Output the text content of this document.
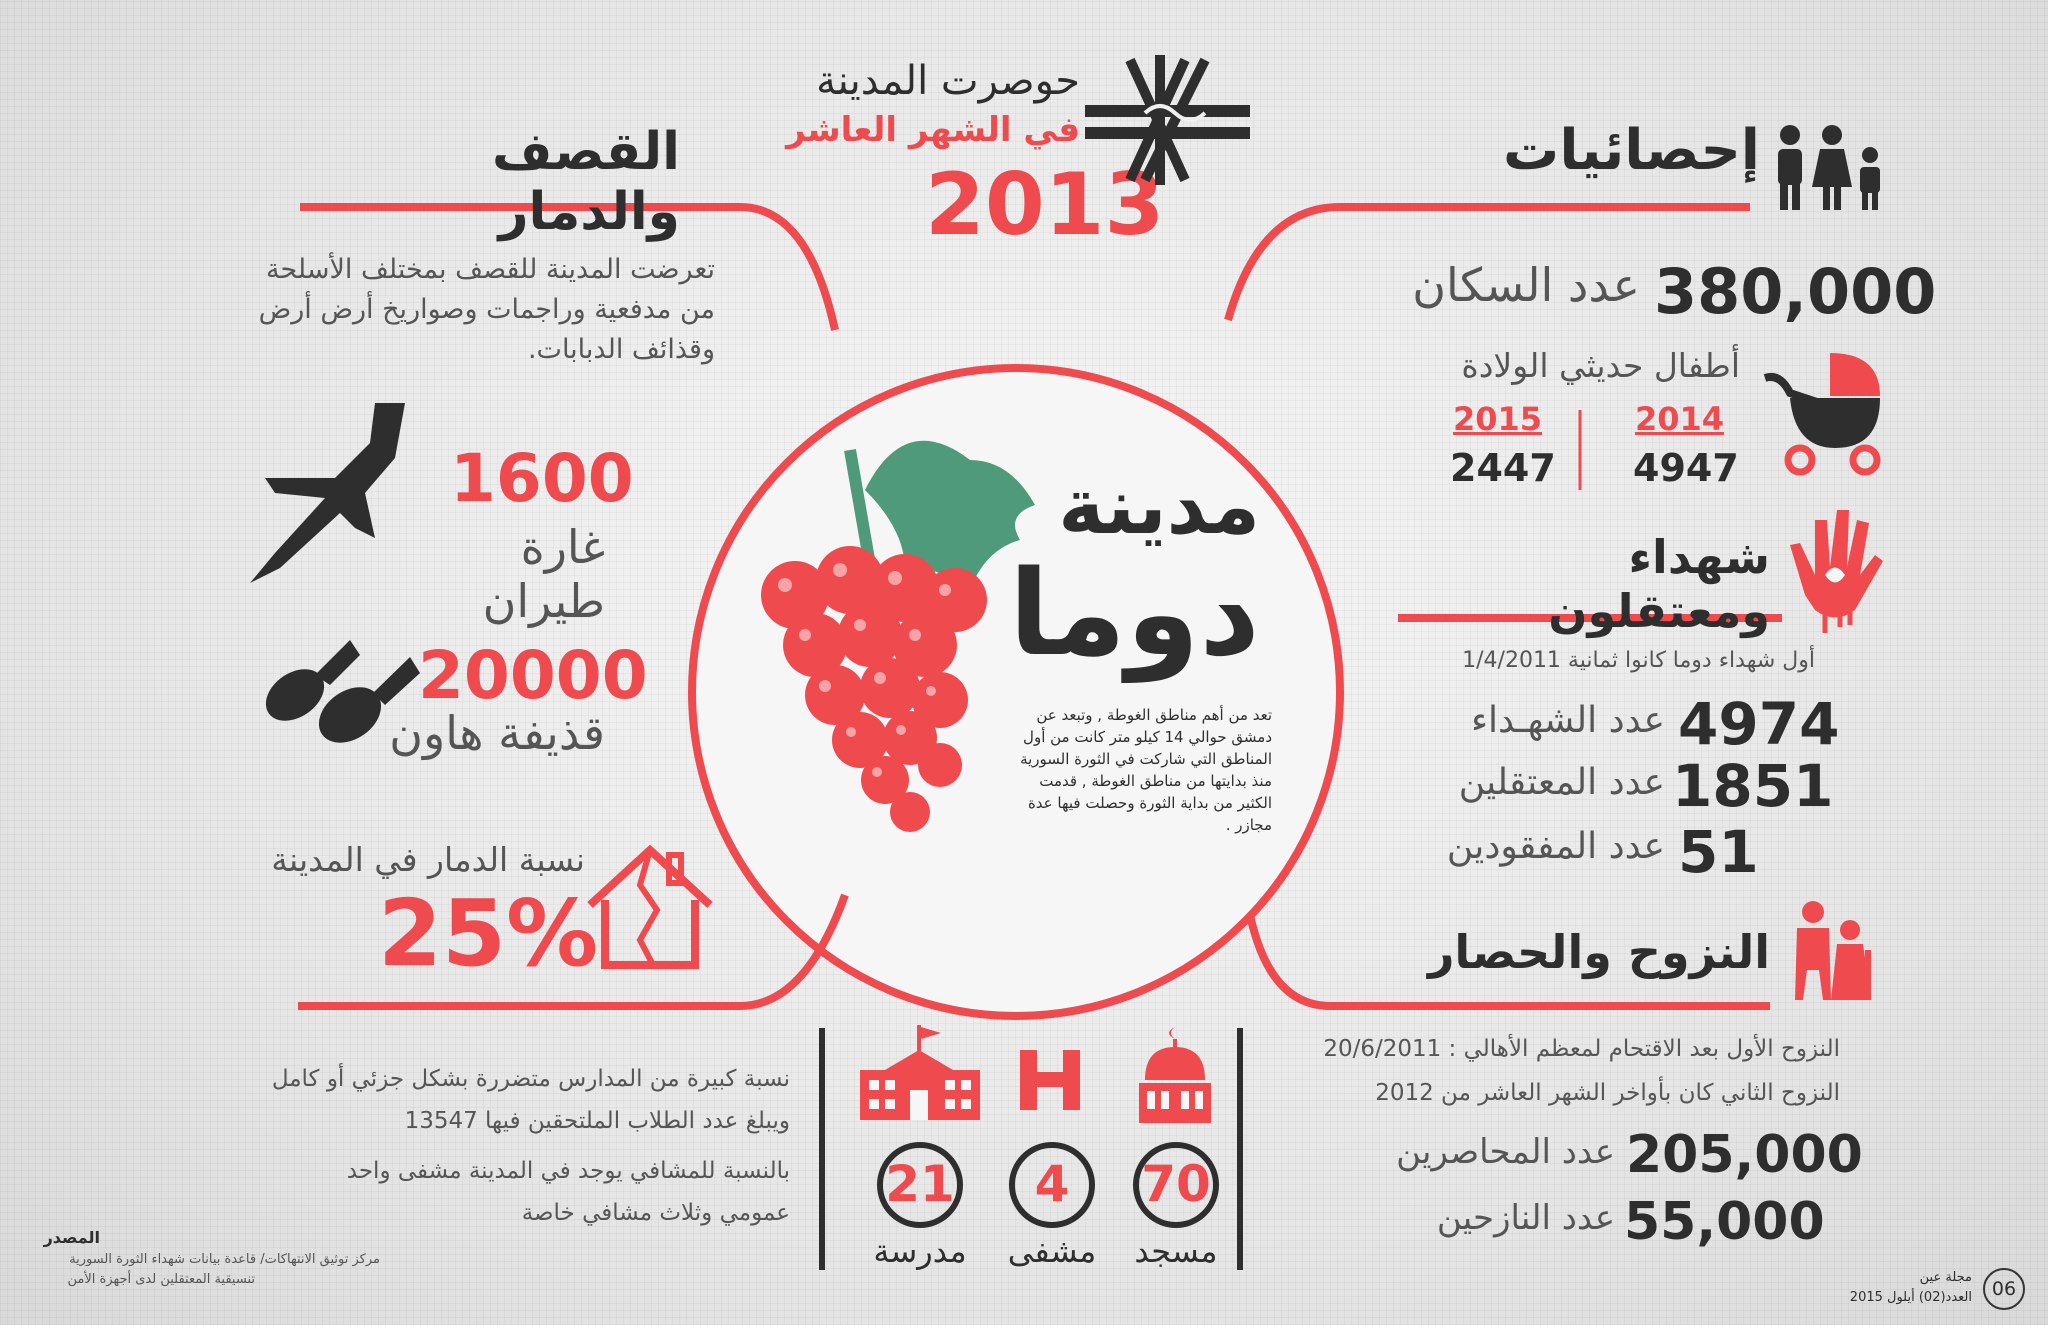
حوصرت المدينة
في الشهر العاشر
2013
مدينة
دوما
تعد من أهم مناطق الغوطة , وتبعد عن دمشق حوالي 14 كيلو متر كانت من أول المناطق التي شاركت في الثورة السورية منذ بدايتها من مناطق الغوطة , قدمت الكثير من بداية الثورة وحصلت فيها عدة مجازر .
القصف والدمار
تعرضت المدينة للقصف بمختلف الأسلحة من مدفعية وراجمات وصواريخ أرض أرض وقذائف الدبابات.
1600
غارة طيران
20000
قذيفة هاون
نسبة الدمار في المدينة
25%
إحصائيات
380,000
عدد السكان
أطفال حديثي الولادة
2014
4947
2015
2447
شهداء ومعتقلون
أول شهداء دوما كانوا ثمانية 1/4/2011
4974
عدد الشهـداء
1851
عدد المعتقلين
51
عدد المفقودين
النزوح والحصار
النزوح الأول بعد الاقتحام لمعظم الأهالي : 20/6/2011
النزوح الثاني كان بأواخر الشهر العاشر من 2012
205,000
عدد المحاصرين
55,000
عدد النازحين
نسبة كبيرة من المدارس متضررة بشكل جزئي أو كامل
ويبلغ عدد الطلاب الملتحقين فيها 13547
بالنسبة للمشافي يوجد في المدينة مشفى واحد
عمومي وثلاث مشافي خاصة 21	4	70
مدرسة	مشفى	مسجد
المصدر
مركز توثيق الانتهاكات/ قاعدة بيانات شهداء الثورة السورية
تنسيقية المعتقلين لدى أجهزة الأمن	06
مجلة عين
العدد(02) أيلول 2015
